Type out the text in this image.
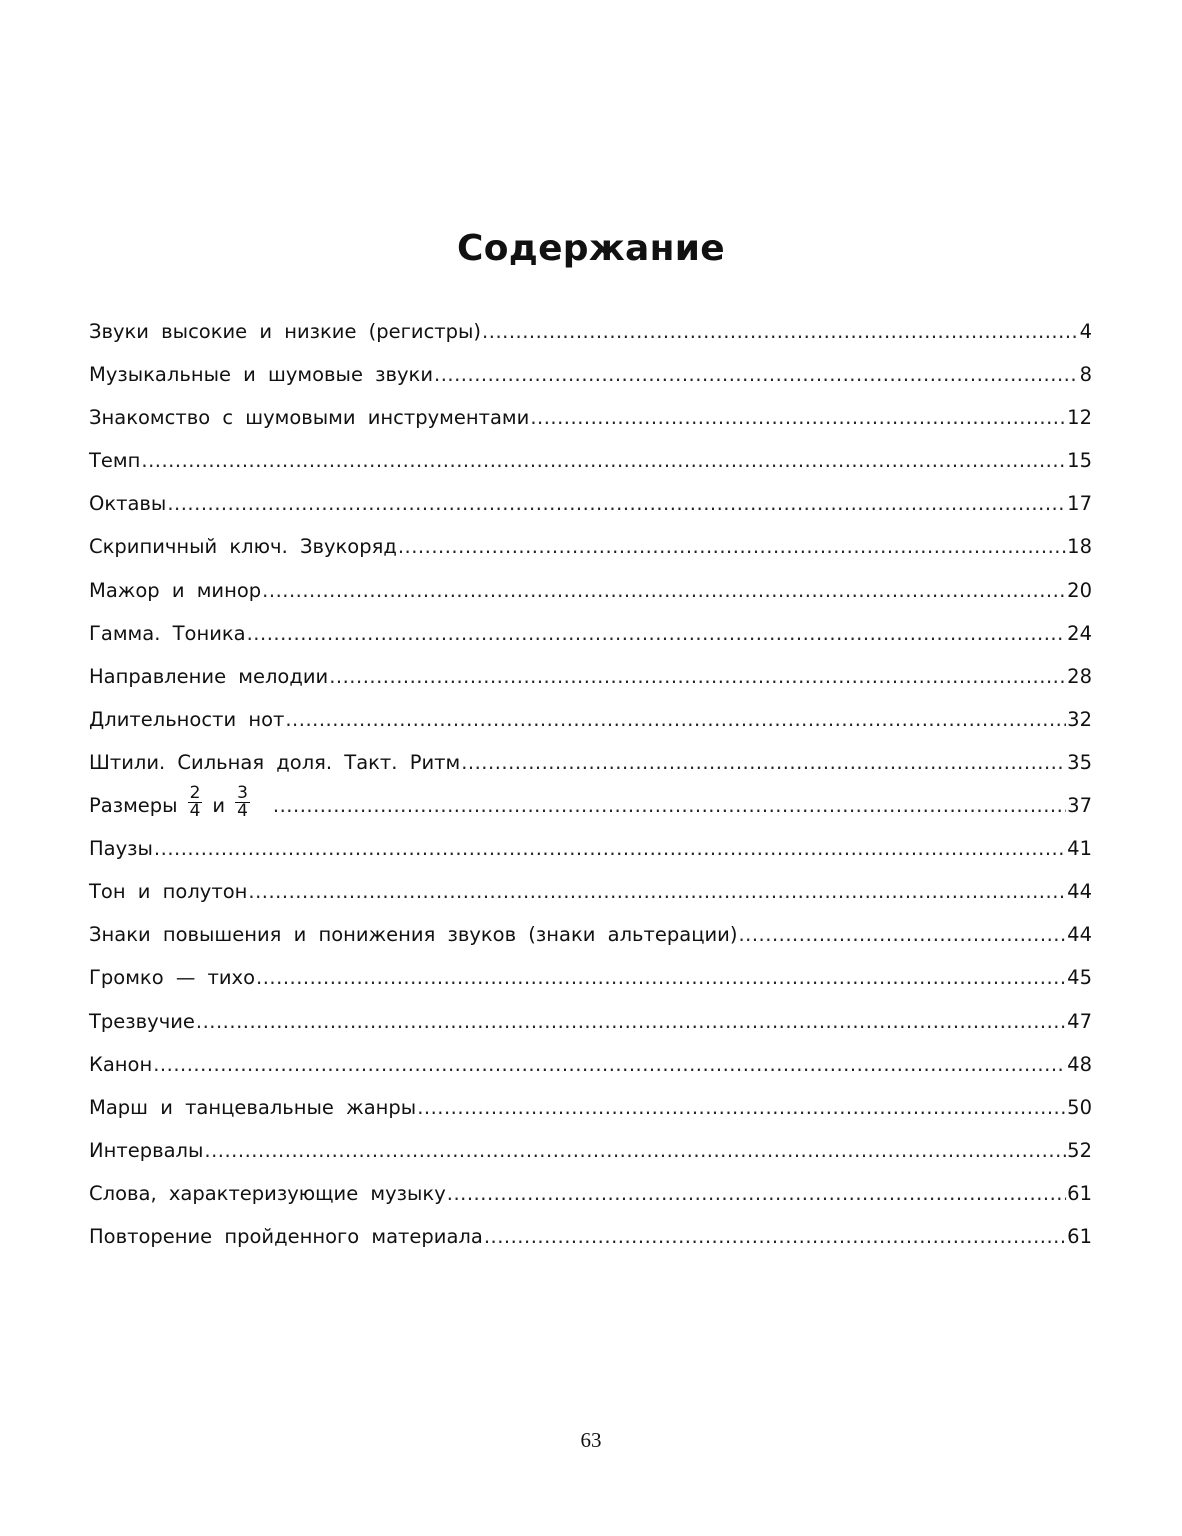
Содержание
Звуки высокие и низкие (регистры) .....	4
Музыкальные и шумовые звуки .....	8
Знакомство с шумовыми инструментами .....	12
Темп .....	15
Октавы .....	17
Скрипичный ключ. Звукоряд .....	18
Мажор и минор .....	20
Гамма. Тоника .....	24
Направление мелодии .....	28
Длительности нот .....	32
Штили. Сильная доля. Такт. Ритм .....	35
Размеры $\frac{2}{4}$ и $\frac{3}{4}$ .....	37
Паузы .....	41
Тон и полутон .....	44
Знаки повышения и понижения звуков (знаки альтерации) .....	44
Громко — тихо .....	45
Трезвучие .....	47
Канон .....	48
Марш и танцевальные жанры .....	50
Интервалы .....	52
Слова, характеризующие музыку .....	61
Повторение пройденного материала .....	61
63
